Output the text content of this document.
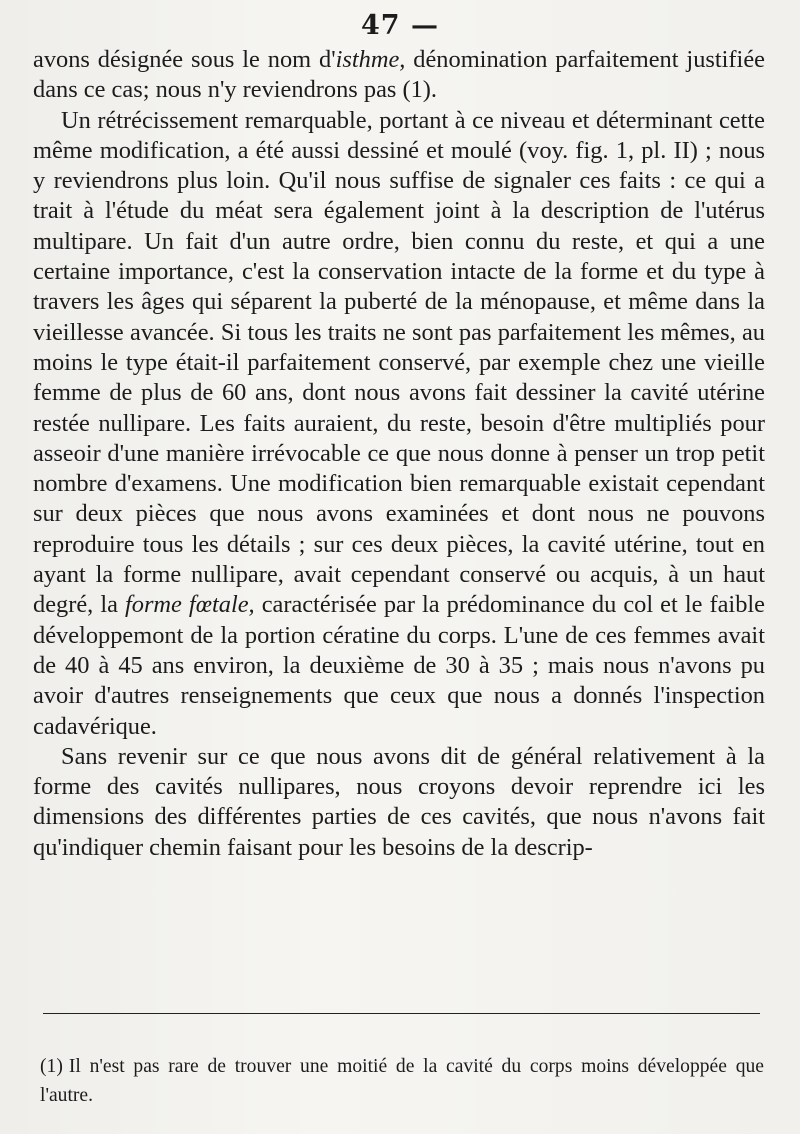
47 —

avons désignée sous le nom d'isthme, dénomination parfaitement justifiée dans ce cas; nous n'y reviendrons pas (1).

Un rétrécissement remarquable, portant à ce niveau et déterminant cette même modification, a été aussi dessiné et moulé (voy. fig. 1, pl. II) ; nous y reviendrons plus loin. Qu'il nous suffise de signaler ces faits : ce qui a trait à l'étude du méat sera également joint à la description de l'utérus multipare. Un fait d'un autre ordre, bien connu du reste, et qui a une certaine importance, c'est la conservation intacte de la forme et du type à travers les âges qui séparent la puberté de la ménopause, et même dans la vieillesse avancée. Si tous les traits ne sont pas parfaitement les mêmes, au moins le type était-il parfaitement conservé, par exemple chez une vieille femme de plus de 60 ans, dont nous avons fait dessiner la cavité utérine restée nullipare. Les faits auraient, du reste, besoin d'être multipliés pour asseoir d'une manière irrévocable ce que nous donne à penser un trop petit nombre d'examens. Une modification bien remarquable existait cependant sur deux pièces que nous avons examinées et dont nous ne pouvons reproduire tous les détails ; sur ces deux pièces, la cavité utérine, tout en ayant la forme nullipare, avait cependant conservé ou acquis, à un haut degré, la forme fœtale, caractérisée par la prédominance du col et le faible développemont de la portion cératine du corps. L'une de ces femmes avait de 40 à 45 ans environ, la deuxième de 30 à 35 ; mais nous n'avons pu avoir d'autres renseignements que ceux que nous a donnés l'inspection cadavérique.

Sans revenir sur ce que nous avons dit de général relativement à la forme des cavités nullipares, nous croyons devoir reprendre ici les dimensions des différentes parties de ces cavités, que nous n'avons fait qu'indiquer chemin faisant pour les besoins de la descrip-

(1) Il n'est pas rare de trouver une moitié de la cavité du corps moins développée que l'autre.
